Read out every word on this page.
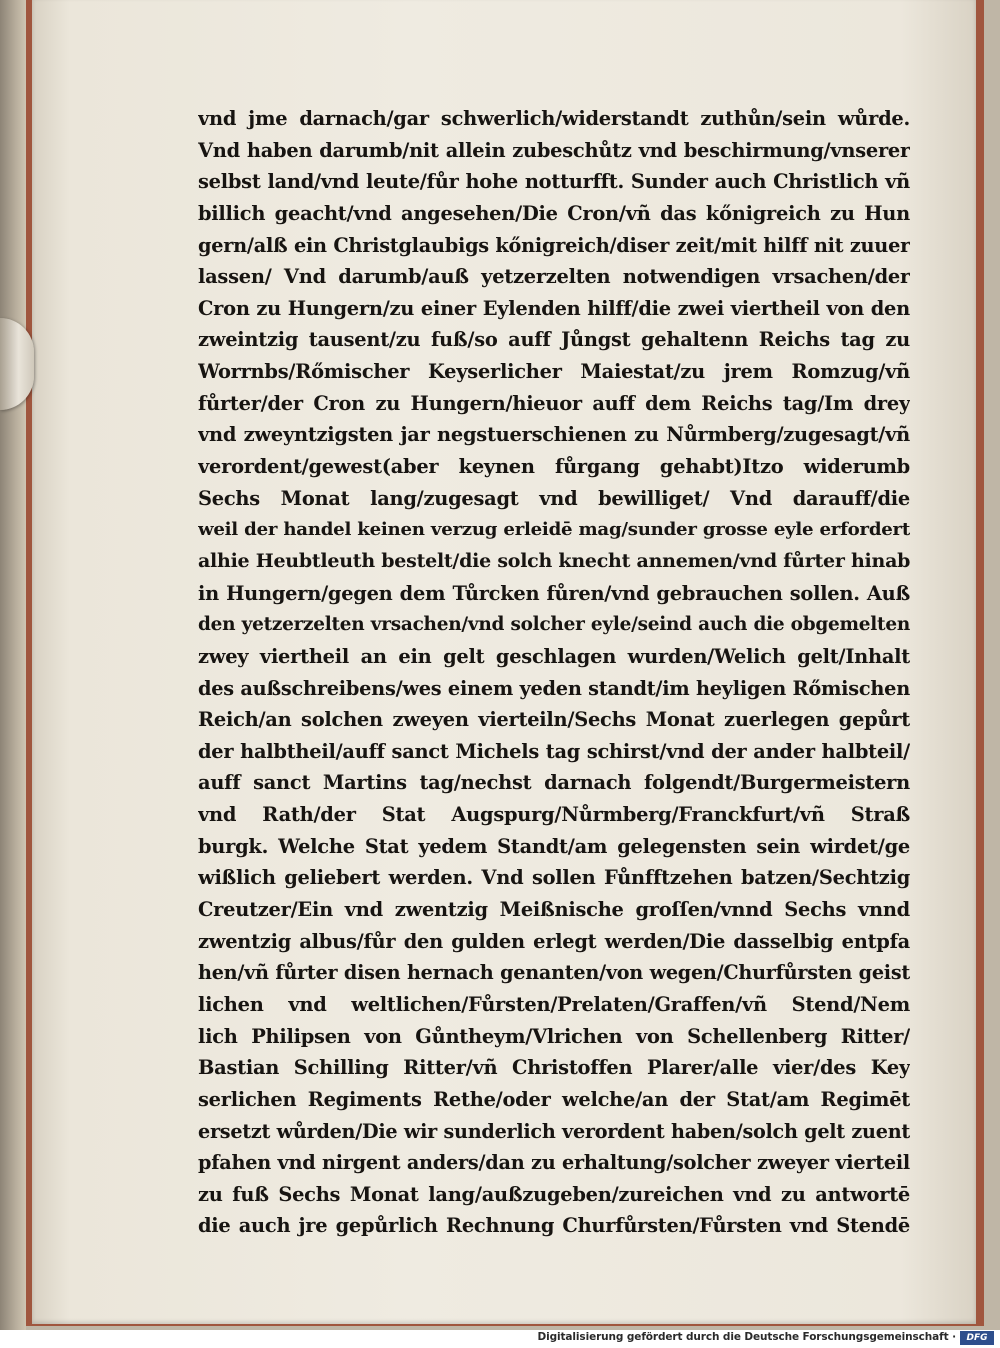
vnd jme darnach/gar schwerlich/widerstandt zuthůn/sein wůrde.
Vnd haben darumb/nit allein zubeschůtz vnd beschirmung/vnserer
selbst land/vnd leute/fůr hohe notturfft. Sunder auch Christlich vñ
billich geacht/vnd angesehen/Die Cron/vñ das kőnigreich zu Hun
gern/alß ein Christglaubigs kőnigreich/diser zeit/mit hilff nit zuuer
lassen/ Vnd darumb/auß yetzerzelten notwendigen vrsachen/der
Cron zu Hungern/zu einer Eylenden hilff/die zwei viertheil von den
zweintzig tausent/zu fuß/so auff Jůngst gehaltenn Reichs tag zu
Worrnbs/Rőmischer Keyserlicher Maiestat/zu jrem Romzug/vñ
fůrter/der Cron zu Hungern/hieuor auff dem Reichs tag/Im drey
vnd zweyntzigsten jar negstuerschienen zu Nůrmberg/zugesagt/vñ
verordent/gewest(aber keynen fůrgang gehabt)Itzo widerumb
Sechs Monat lang/zugesagt vnd bewilliget/ Vnd darauff/die
weil der handel keinen verzug erleidē mag/sunder grosse eyle erfordert
alhie Heubtleuth bestelt/die solch knecht annemen/vnd fůrter hinab
in Hungern/gegen dem Tůrcken fůren/vnd gebrauchen sollen. Auß
den yetzerzelten vrsachen/vnd solcher eyle/seind auch die obgemelten
zwey viertheil an ein gelt geschlagen wurden/Welich gelt/Inhalt
des außschreibens/wes einem yeden standt/im heyligen Rőmischen
Reich/an solchen zweyen vierteiln/Sechs Monat zuerlegen gepůrt
der halbtheil/auff sanct Michels tag schirst/vnd der ander halbteil/
auff sanct Martins tag/nechst darnach folgendt/Burgermeistern
vnd Rath/der Stat Augspurg/Nůrmberg/Franckfurt/vñ Straß
burgk. Welche Stat yedem Standt/am gelegensten sein wirdet/ge
wißlich geliebert werden. Vnd sollen Fůnfftzehen batzen/Sechtzig
Creutzer/Ein vnd zwentzig Meißnische groſſen/vnnd Sechs vnnd
zwentzig albus/fůr den gulden erlegt werden/Die dasselbig entpfa
hen/vñ fůrter disen hernach genanten/von wegen/Churfůrsten geist
lichen vnd weltlichen/Fůrsten/Prelaten/Graffen/vñ Stend/Nem
lich Philipsen von Gůntheym/Vlrichen von Schellenberg Ritter/
Bastian Schilling Ritter/vñ Christoffen Plarer/alle vier/des Key
serlichen Regiments Rethe/oder welche/an der Stat/am Regimēt
ersetzt wůrden/Die wir sunderlich verordent haben/solch gelt zuent
pfahen vnd nirgent anders/dan zu erhaltung/solcher zweyer vierteil
zu fuß Sechs Monat lang/außzugeben/zureichen vnd zu antwortē
die auch jre gepůrlich Rechnung Churfůrsten/Fůrsten vnd Stendē
Digitalisierung gefördert durch die Deutsche Forschungsgemeinschaft ·	DFG
